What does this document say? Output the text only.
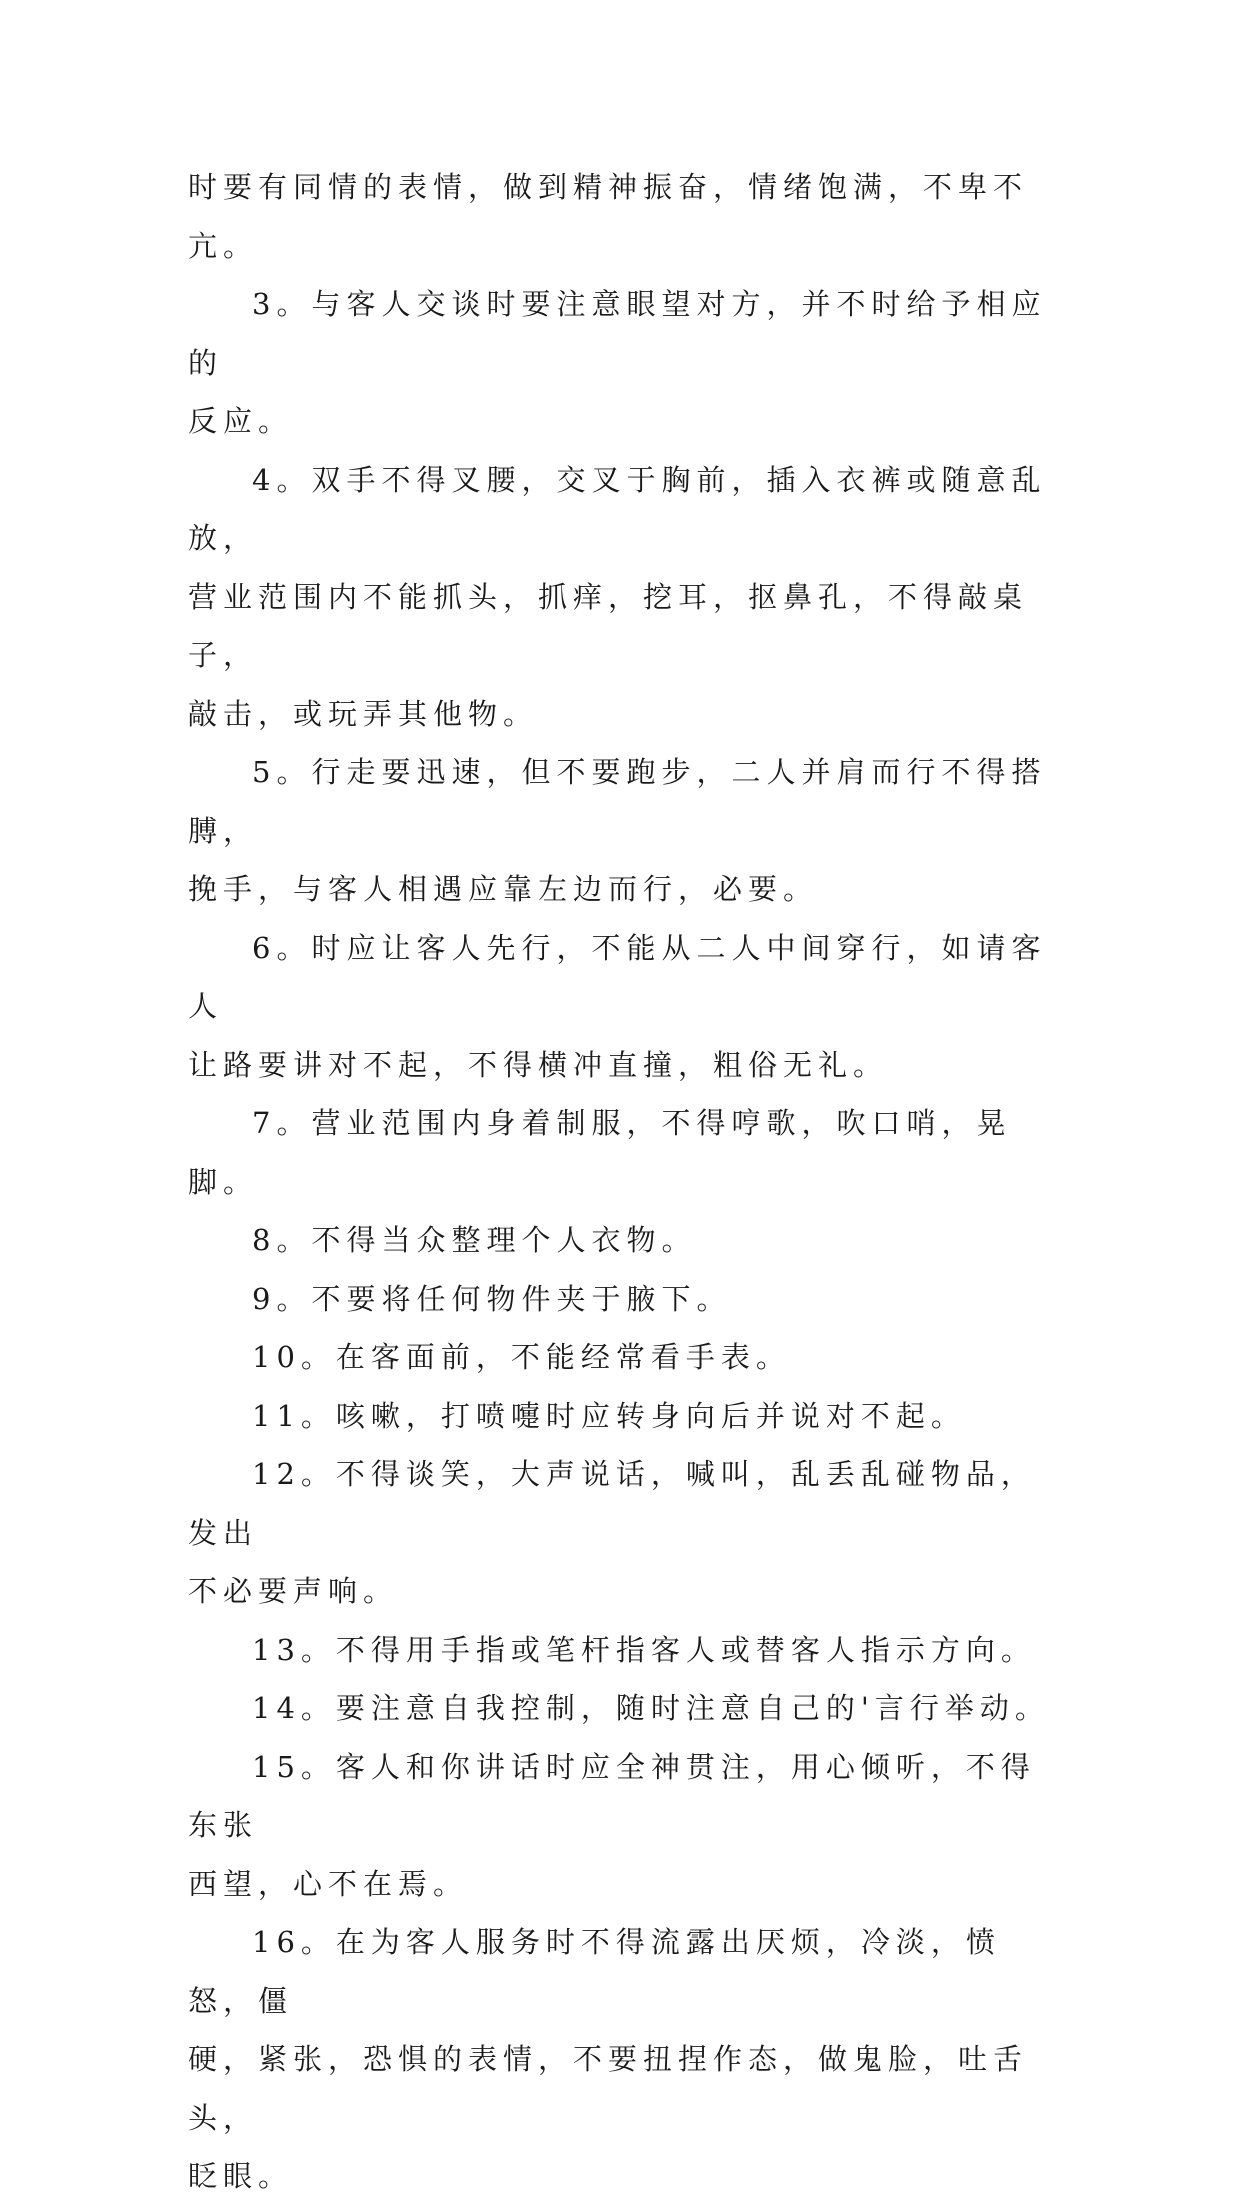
时要有同情的表情，做到精神振奋，情绪饱满，不卑不亢。

3。与客人交谈时要注意眼望对方，并不时给予相应的
反应。

4。双手不得叉腰，交叉于胸前，插入衣裤或随意乱放，
营业范围内不能抓头，抓痒，挖耳，抠鼻孔，不得敲桌子，
敲击，或玩弄其他物。

5。行走要迅速，但不要跑步，二人并肩而行不得搭膊，
挽手，与客人相遇应靠左边而行，必要。

6。时应让客人先行，不能从二人中间穿行，如请客人
让路要讲对不起，不得横冲直撞，粗俗无礼。

7。营业范围内身着制服，不得哼歌，吹口哨，晃脚。

8。不得当众整理个人衣物。

9。不要将任何物件夹于腋下。

10。在客面前，不能经常看手表。

11。咳嗽，打喷嚏时应转身向后并说对不起。

12。不得谈笑，大声说话，喊叫，乱丢乱碰物品，发出
不必要声响。

13。不得用手指或笔杆指客人或替客人指示方向。

14。要注意自我控制，随时注意自己的'言行举动。

15。客人和你讲话时应全神贯注，用心倾听，不得东张
西望，心不在焉。

16。在为客人服务时不得流露出厌烦，冷淡，愤怒，僵
硬，紧张，恐惧的表情，不要扭捏作态，做鬼脸，吐舌头，
眨眼。
